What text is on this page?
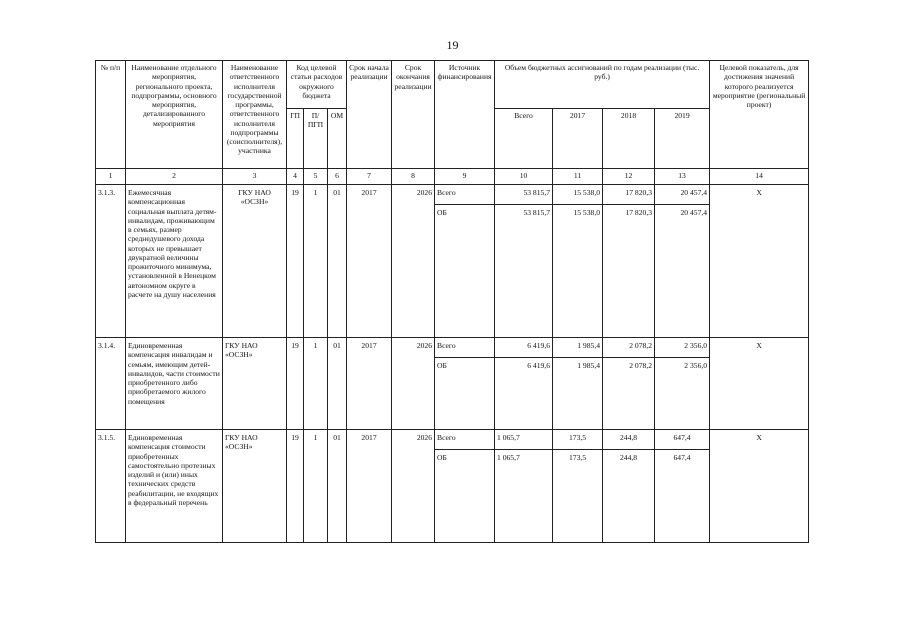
19
№ п/п	Наименование отдельного мероприятия, регионального проекта, подпрограммы, основного мероприятия, детализированного мероприятия	Наименование ответственного исполнителя государственной программы, ответственного исполнителя подпрограммы (соисполнителя), участника	Код целевой статьи расходов окружного бюджета			Срок начала реализации	Срок окончания реализации	Источник финансирования	Объем бюджетных ассигнований по годам реализации (тыс. руб.)				Целевой показатель, для достижения значений которого реализуется мероприятие (региональный проект)
			ГП	П/ПГП	ОМ				Всего	2017	2018	2019	
1	2	3	4	5	6	7	8	9	10	11	12	13	14
3.1.3.	Ежемесячная компенсационная социальная выплата детям-инвалидам, проживающим в семьях, размер среднедушевого дохода которых не превышает двукратной величины прожиточного минимума, установленной в Ненецком автономном округе в расчете на душу населения	ГКУ НАО «ОСЗН»	19	1	01	2017	2026	Всего	53 815,7	15 538,0	17 820,3	20 457,4	Х
								ОБ	53 815,7	15 538,0	17 820,3	20 457,4	
3.1.4.	Единовременная компенсация инвалидам и семьям, имеющим детей-инвалидов, части стоимости приобретенного либо приобретаемого жилого помещения	ГКУ НАО «ОСЗН»	19	1	01	2017	2026	Всего	6 419,6	1 985,4	2 078,2	2 356,0	Х
								ОБ	6 419,6	1 985,4	2 078,2	2 356,0	
3.1.5.	Единовременная компенсация стоимости приобретенных самостоятельно протезных изделий и (или) иных технических средств реабилитации, не входящих в федеральный перечень	ГКУ НАО «ОСЗН»	19	1	01	2017	2026	Всего	1 065,7	173,5	244,8	647,4	Х
								ОБ	1 065,7	173,5	244,8	647,4	
